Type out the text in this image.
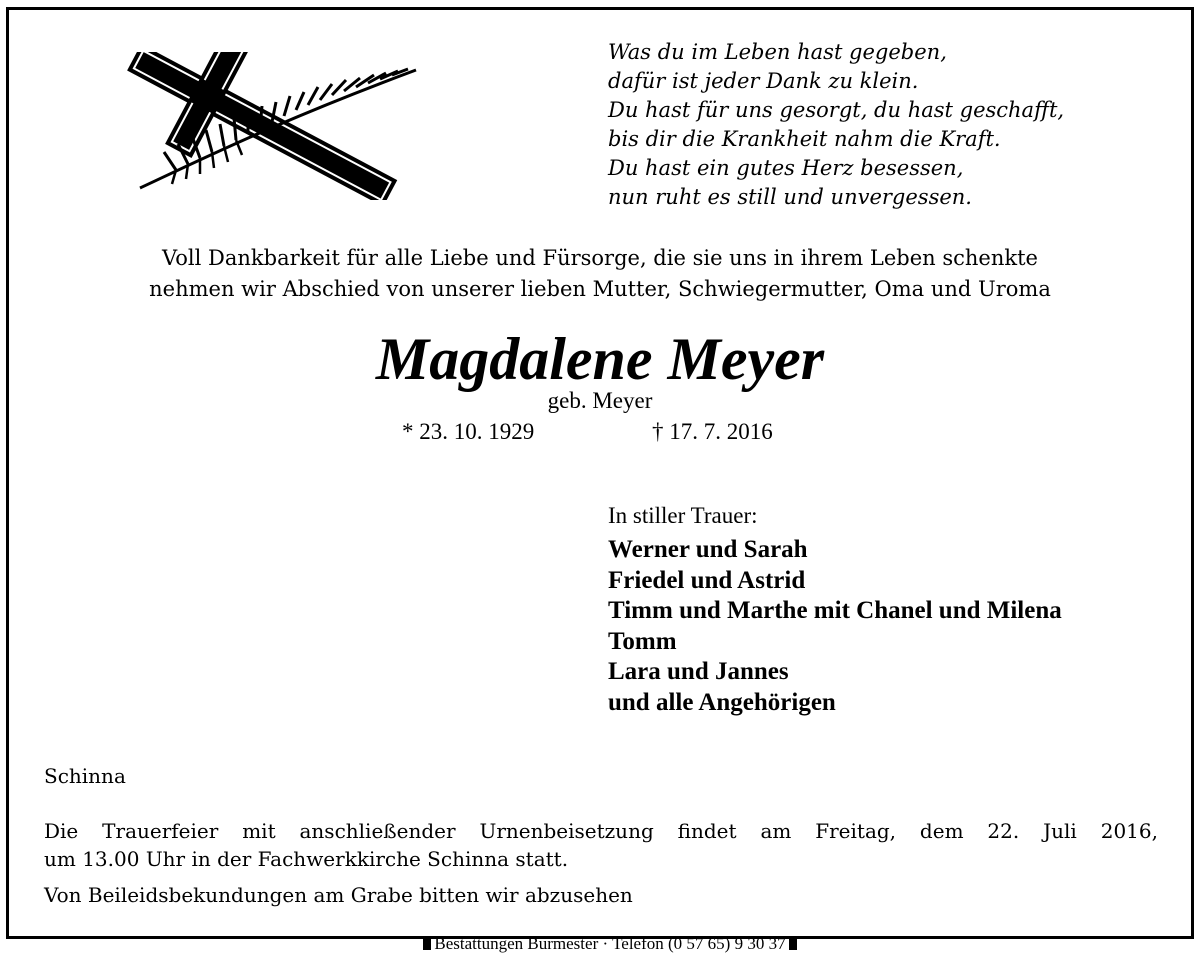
Was du im Leben hast gegeben,
dafür ist jeder Dank zu klein.
Du hast für uns gesorgt, du hast geschafft,
bis dir die Krankheit nahm die Kraft.
Du hast ein gutes Herz besessen,
nun ruht es still und unvergessen.
Voll Dankbarkeit für alle Liebe und Fürsorge, die sie uns in ihrem Leben schenkte
nehmen wir Abschied von unserer lieben Mutter, Schwiegermutter, Oma und Uroma
Magdalene Meyer
geb. Meyer
* 23. 10. 1929	† 17. 7. 2016
In stiller Trauer:
Werner und Sarah
Friedel und Astrid
Timm und Marthe mit Chanel und Milena
Tomm
Lara und Jannes
und alle Angehörigen
Schinna
Die Trauerfeier mit anschließender Urnenbeisetzung findet am Freitag, dem 22. Juli 2016,
um 13.00 Uhr in der Fachwerkkirche Schinna statt.
Von Beileidsbekundungen am Grabe bitten wir abzusehen
Bestattungen Burmester · Telefon (0 57 65) 9 30 37
